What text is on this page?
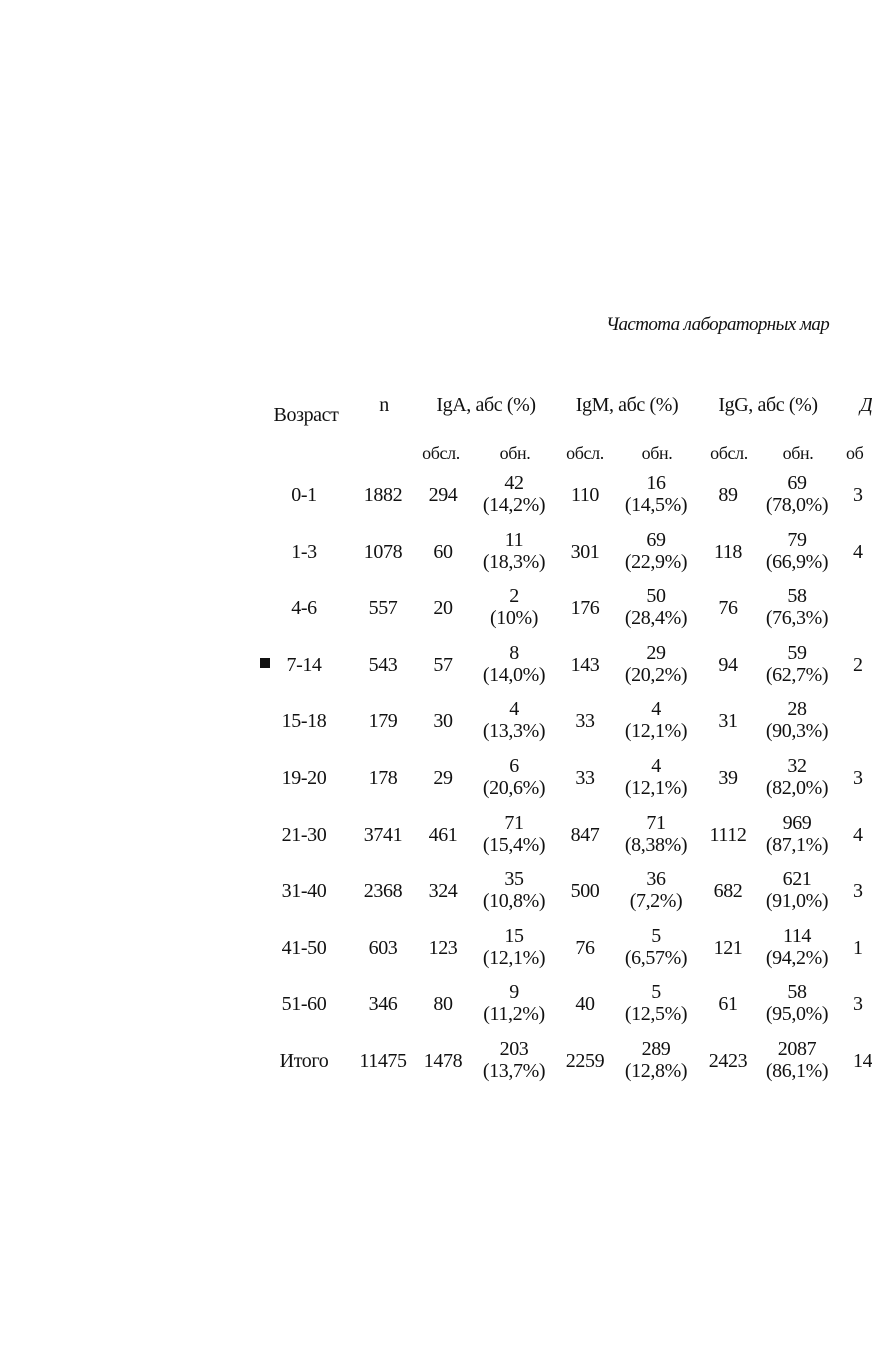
Частота лабораторных мар
Возраст n IgA, абс (%) IgM, абс (%) IgG, абс (%) Д
обсл. обн. обсл. обн. обсл. обн. об
0-1 1882 294
42
(14,2%) 110
16
(14,5%) 89
69
(78,0%) 3
1-3 1078 60
11
(18,3%) 301
69
(22,9%) 118
79
(66,9%) 4
4-6	557 20
2
(10%) 176
50
(28,4%) 76
58
(76,3%)
7-14 543 57
8
(14,0%) 143
29
(20,2%) 94
59
(62,7%) 2
15-18 179 30
4
(13,3%) 33
4
(12,1%) 31
28
(90,3%)
19-20 178 29
6
(20,6%) 33
4
(12,1%) 39
32
(82,0%) 3
21-30 3741 461
71
(15,4%) 847
71
(8,38%) 1112
969
(87,1%) 4
31-40 2368 324
35
(10,8%) 500
36
(7,2%) 682
621
(91,0%) 3
41-50 603 123
15
(12,1%) 76
5
(6,57%) 121
114
(94,2%) 1
51-60 346 80
9
(11,2%) 40
5
(12,5%) 61
58
(95,0%) 3
Итого 11475 1478
203
(13,7%) 2259
289
(12,8%) 2423
2087
(86,1%) 14
